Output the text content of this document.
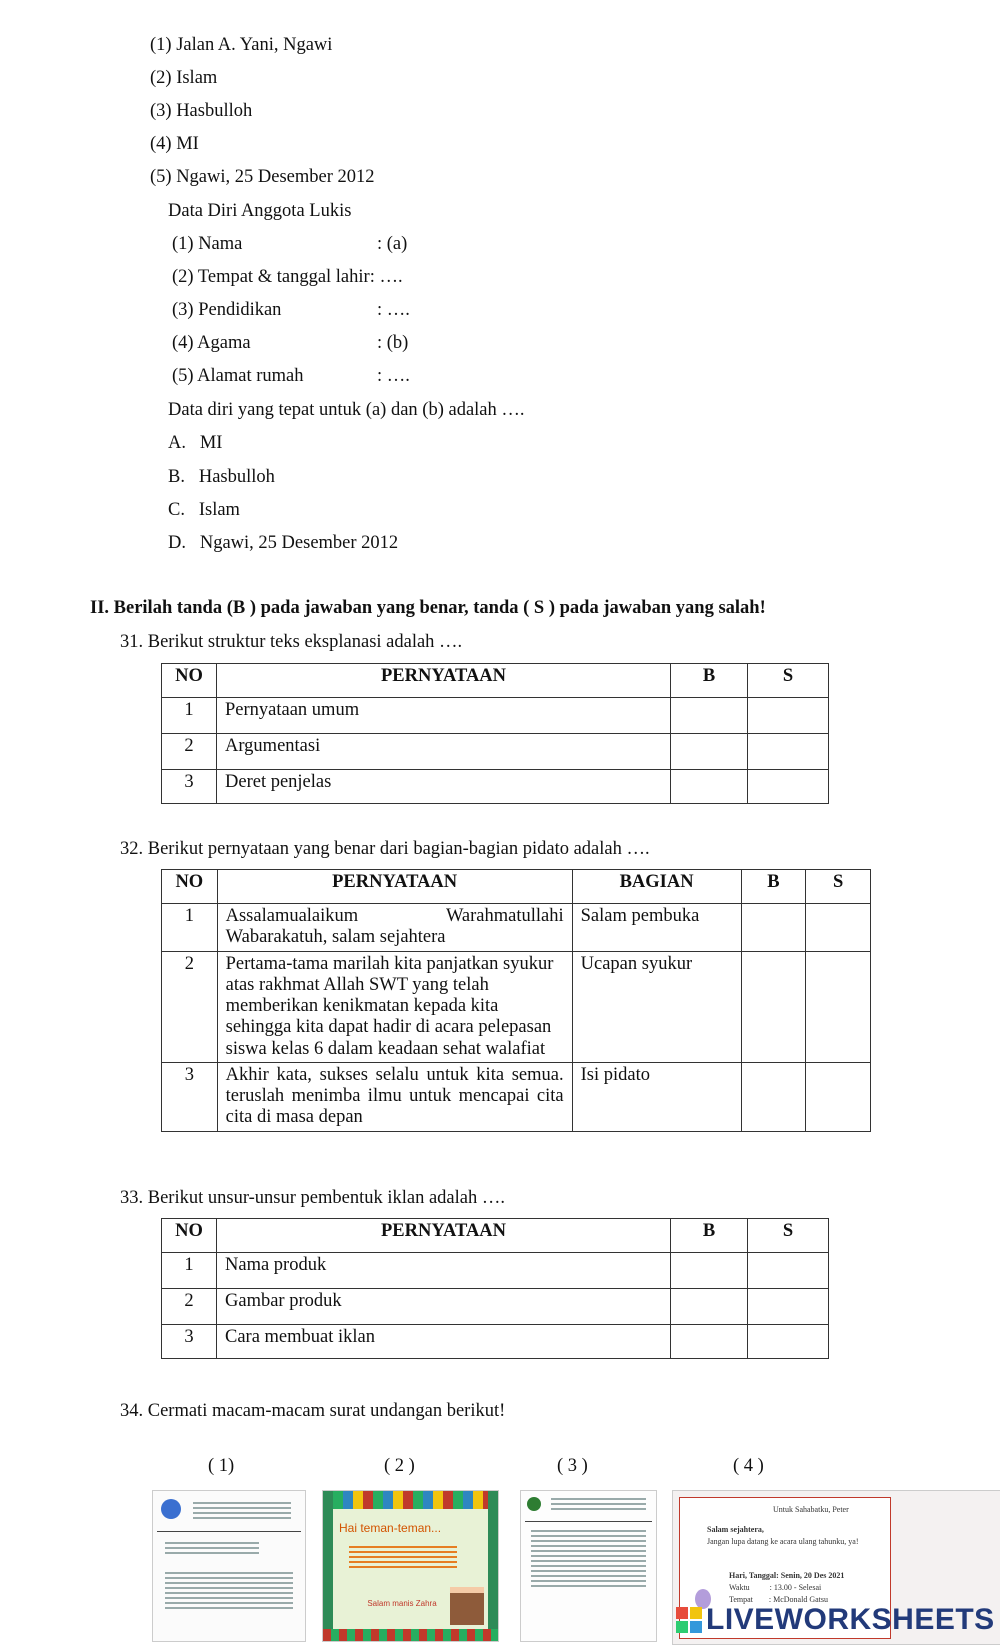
(1) Jalan A. Yani, Ngawi
(2) Islam
(3) Hasbulloh
(4) MI
(5) Ngawi, 25 Desember 2012
Data Diri Anggota Lukis
(1) Nama	: (a)
(2) Tempat & tanggal lahir: ….
(3) Pendidikan	: ….
(4) Agama	: (b)
(5) Alamat rumah	: ….
Data diri yang tepat untuk (a) dan (b) adalah ….
A.   MI
B.   Hasbulloh
C.   Islam
D.   Ngawi, 25 Desember 2012
II. Berilah tanda (B ) pada jawaban yang benar, tanda ( S ) pada jawaban yang salah!
31. Berikut struktur teks eksplanasi adalah ….
NO	PERNYATAAN	B	S
1	Pernyataan umum		
2	Argumentasi		
3	Deret penjelas		
32. Berikut pernyataan yang benar dari bagian-bagian pidato adalah ….
NO	PERNYATAAN	BAGIAN	B	S
1	Assalamualaikum Warahmatullahi Wabarakatuh, salam sejahtera	Salam pembuka		
2	Pertama-tama marilah kita panjatkan syukur atas rakhmat Allah SWT yang telah memberikan kenikmatan kepada kita sehingga kita dapat hadir di acara pelepasan siswa kelas 6 dalam keadaan sehat walafiat	Ucapan syukur		
3	Akhir kata, sukses selalu untuk kita semua. teruslah menimba ilmu untuk mencapai cita cita di masa depan	Isi pidato		
33. Berikut unsur-unsur pembentuk iklan adalah ….
NO	PERNYATAAN	B	S
1	Nama produk		
2	Gambar produk		
3	Cara membuat iklan		
34. Cermati macam-macam surat undangan berikut!
( 1)	( 2 )	( 3 )	( 4 )
Hai teman-teman...
Salam manis Zahra
Untuk Sahabatku, Peter
Salam sejahtera,
Jangan lupa datang ke acara ulang tahunku, ya!
Hari, Tanggal: Senin, 20 Des 2021
Waktu          : 13.00 - Selesai
Tempat        : McDonald Gatsu
LIVEWORKSHEETS
